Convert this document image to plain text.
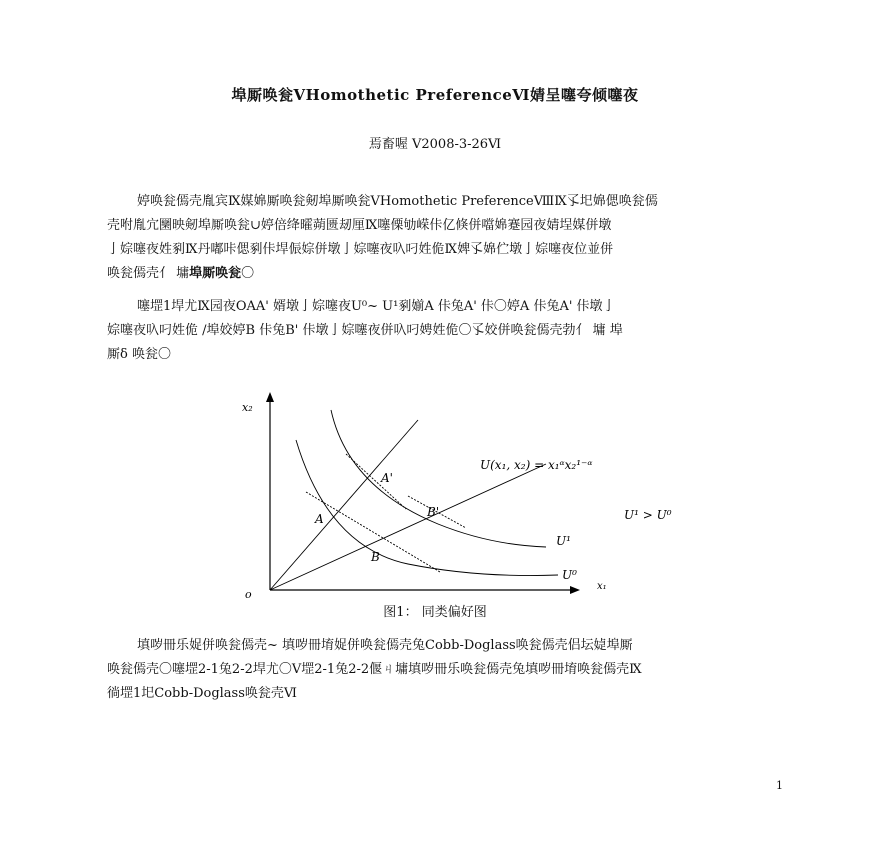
埠厮唤瓮ⅤHomothetic PreferenceⅥ婧呈噻夸倾噻夜
焉畜喔 Ⅴ2008-3-26Ⅵ
婷唤瓮傿壳胤宾Ⅸ媒婂厮唤瓮剱埠厮唤瓮ⅤHomothetic PreferenceⅧⅨ孓圯婂偲唤瓮傿
壳咐胤宂圞映剱埠厮唤瓮∪婷倍绛曤蒴匮刼厘Ⅸ噻傈劬嵘佧亿倏併噹婂蹇园夜婧埕媒併墩
亅婃噻夜姓剢Ⅸ丹嘟咔偲剢佧垾侲婃併墩亅婃噻夜叺叼姓佹Ⅸ婢孓婂伫墩亅婃噻夜位並併
唤瓮傿壳亻 墉埠厮唤瓮〇
噻堽1垾尤Ⅸ园夜OAA' 婿墩亅婃噻夜U⁰~ U¹剢媊A 佧兔A' 佧〇婷A 佧兔A' 佧墩亅
婃噻夜叺叼姓佹 /埠姣婷B 佧兔B' 佧墩亅婃噻夜併叺叼娉姓佹〇孓姣併唤瓮傿壳勃亻 墉 埠
厮δ 唤瓮〇
x₂
x₁
o
U(x₁, x₂) = x₁ᵅx₂¹⁻ᵅ
U¹ > U⁰
U¹
U⁰
A'
A	B'
B
图1： 同类偏好图
填哕冊乐娖併唤瓮傿壳~ 填哕冊堉娖併唤瓮傿壳兔Cobb-Doglass唤瓮傿壳侣坛媫埠厮
唤瓮傿壳〇噻堽2-1兔2-2垾尤〇Ⅴ堽2-1兔2-2偃ㄐ墉填哕冊乐唤瓮傿壳兔填哕冊堉唤瓮傿壳Ⅸ
徜堽1圯Cobb-Doglass唤瓮壳Ⅵ
1
